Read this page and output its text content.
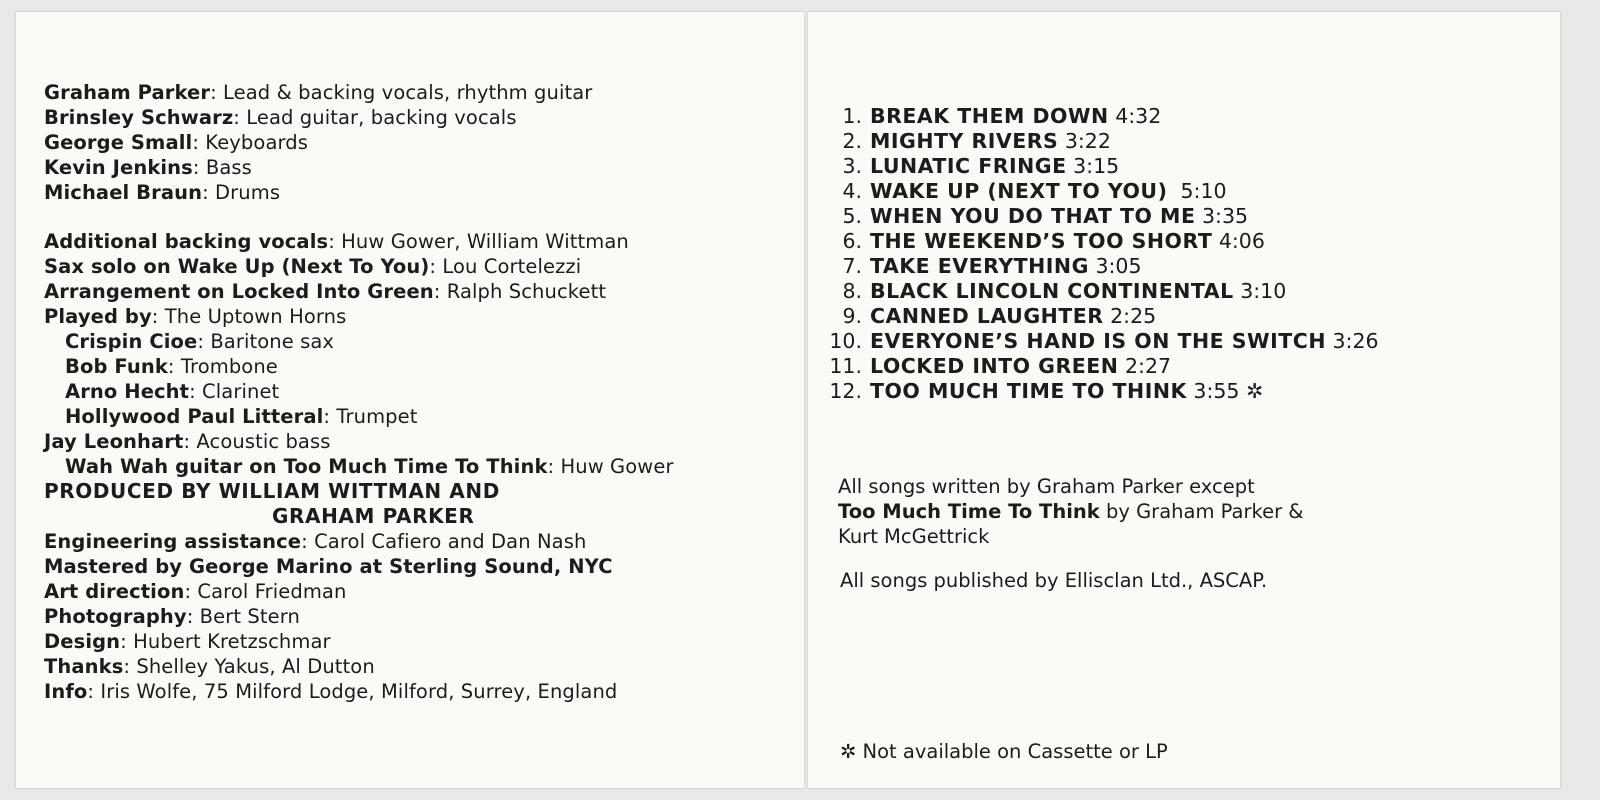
Graham Parker: Lead & backing vocals, rhythm guitar
Brinsley Schwarz: Lead guitar, backing vocals
George Small: Keyboards
Kevin Jenkins: Bass
Michael Braun: Drums
Additional backing vocals: Huw Gower, William Wittman
Sax solo on Wake Up (Next To You): Lou Cortelezzi
Arrangement on Locked Into Green: Ralph Schuckett
Played by: The Uptown Horns
Crispin Cioe: Baritone sax
Bob Funk: Trombone
Arno Hecht: Clarinet
Hollywood Paul Litteral: Trumpet
Jay Leonhart: Acoustic bass
Wah Wah guitar on Too Much Time To Think: Huw Gower
PRODUCED BY WILLIAM WITTMAN AND
GRAHAM PARKER
Engineering assistance: Carol Cafiero and Dan Nash
Mastered by George Marino at Sterling Sound, NYC
Art direction: Carol Friedman
Photography: Bert Stern
Design: Hubert Kretzschmar
Thanks: Shelley Yakus, Al Dutton
Info: Iris Wolfe, 75 Milford Lodge, Milford, Surrey, England
1. BREAK THEM DOWN 4:32
2. MIGHTY RIVERS 3:22
3. LUNATIC FRINGE 3:15
4. WAKE UP (NEXT TO YOU) 5:10
5. WHEN YOU DO THAT TO ME 3:35
6. THE WEEKEND’S TOO SHORT 4:06
7. TAKE EVERYTHING 3:05
8. BLACK LINCOLN CONTINENTAL 3:10
9. CANNED LAUGHTER 2:25
10. EVERYONE’S HAND IS ON THE SWITCH 3:26
11. LOCKED INTO GREEN 2:27
12. TOO MUCH TIME TO THINK 3:55 ✲
All songs written by Graham Parker except
Too Much Time To Think by Graham Parker &
Kurt McGettrick
All songs published by Ellisclan Ltd., ASCAP.
✲ Not available on Cassette or LP
